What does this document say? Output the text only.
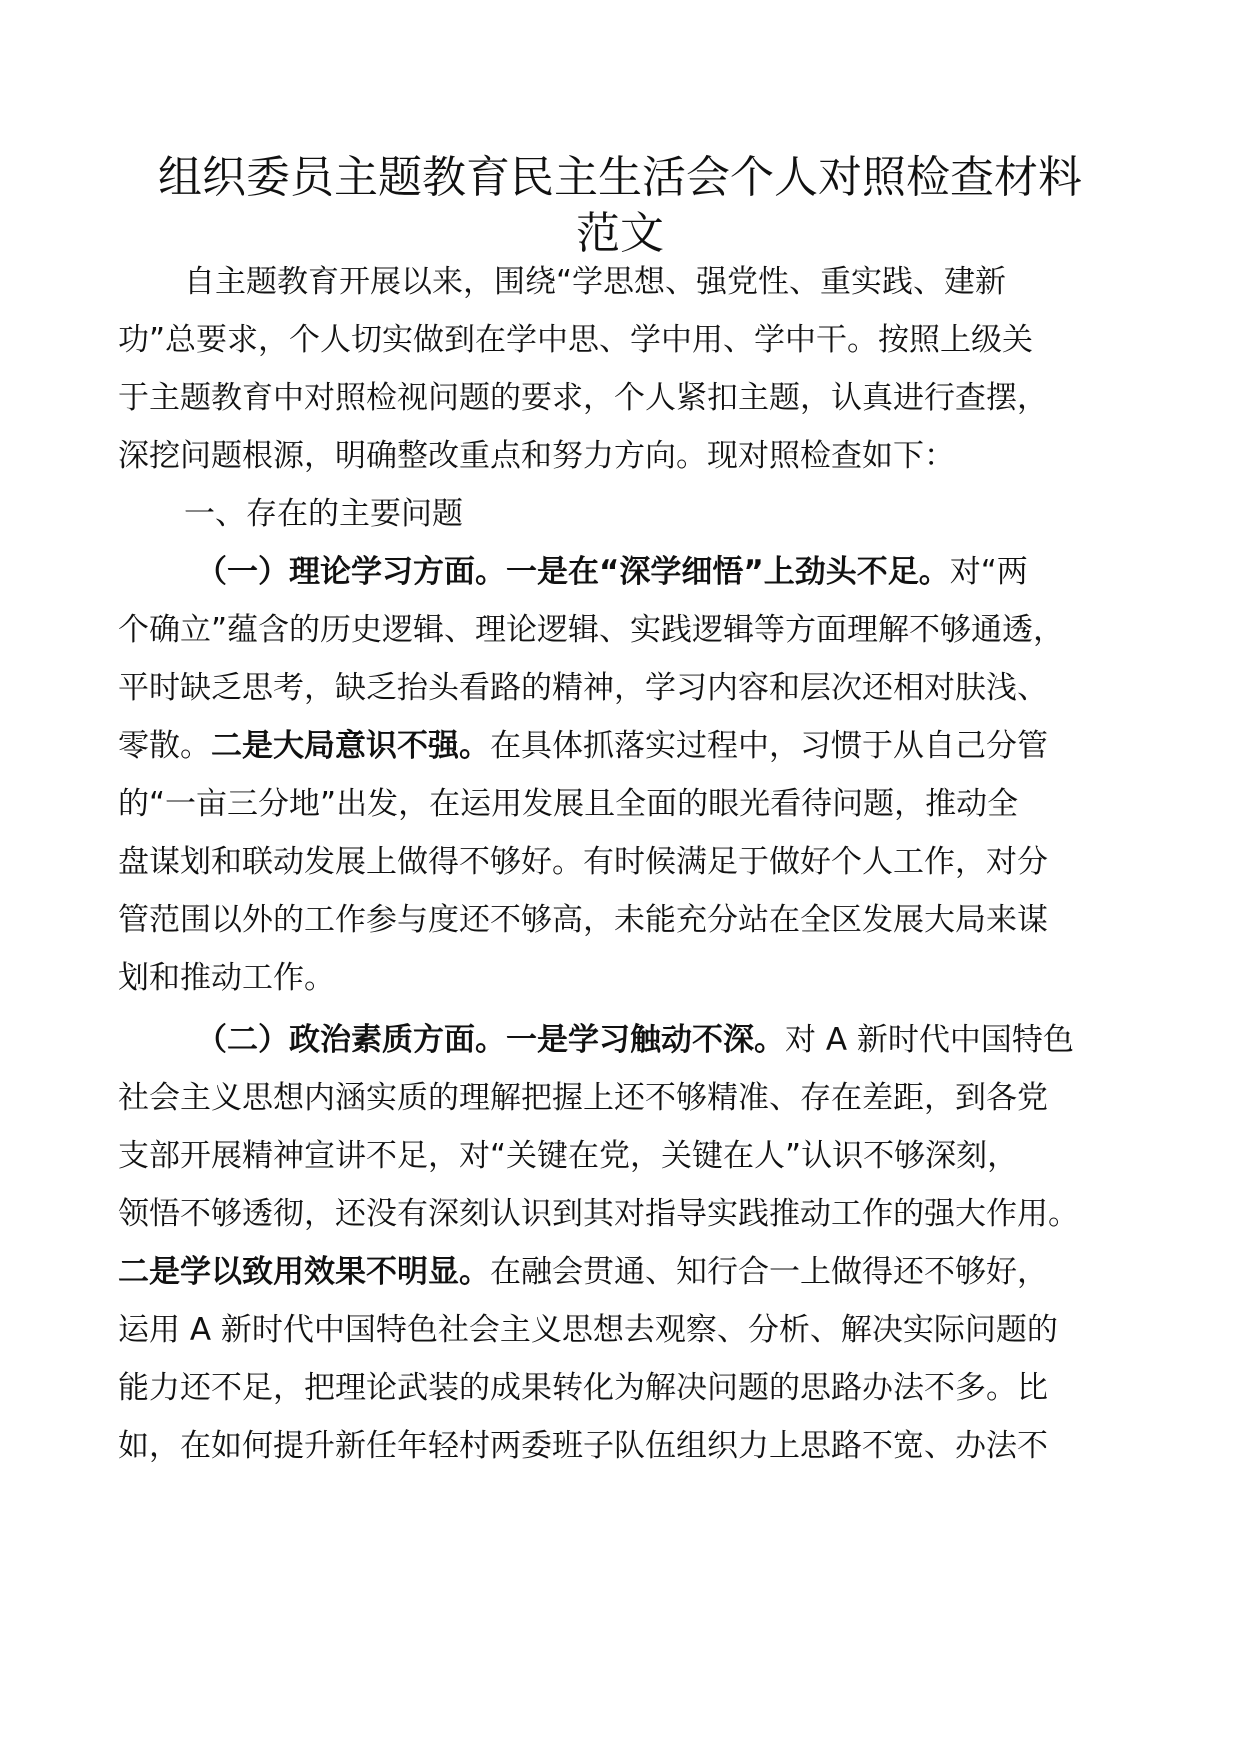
组织委员主题教育民主生活会个人对照检查材料
范文
自主题教育开展以来，围绕“学思想、强党性、重实践、建新
功”总要求，个人切实做到在学中思、学中用、学中干。按照上级关
于主题教育中对照检视问题的要求，个人紧扣主题，认真进行查摆，
深挖问题根源，明确整改重点和努力方向。现对照检查如下：
一、存在的主要问题
（一）理论学习方面。一是在“深学细悟”上劲头不足。对“两
个确立”蕴含的历史逻辑、理论逻辑、实践逻辑等方面理解不够通透，
平时缺乏思考，缺乏抬头看路的精神，学习内容和层次还相对肤浅、
零散。二是大局意识不强。在具体抓落实过程中，习惯于从自己分管
的“一亩三分地”出发，在运用发展且全面的眼光看待问题，推动全
盘谋划和联动发展上做得不够好。有时候满足于做好个人工作，对分
管范围以外的工作参与度还不够高，未能充分站在全区发展大局来谋
划和推动工作。
（二）政治素质方面。一是学习触动不深。对 A 新时代中国特色
社会主义思想内涵实质的理解把握上还不够精准、存在差距，到各党
支部开展精神宣讲不足，对“关键在党，关键在人”认识不够深刻，
领悟不够透彻，还没有深刻认识到其对指导实践推动工作的强大作用。
二是学以致用效果不明显。在融会贯通、知行合一上做得还不够好，
运用 A 新时代中国特色社会主义思想去观察、分析、解决实际问题的
能力还不足，把理论武装的成果转化为解决问题的思路办法不多。比
如，在如何提升新任年轻村两委班子队伍组织力上思路不宽、办法不
